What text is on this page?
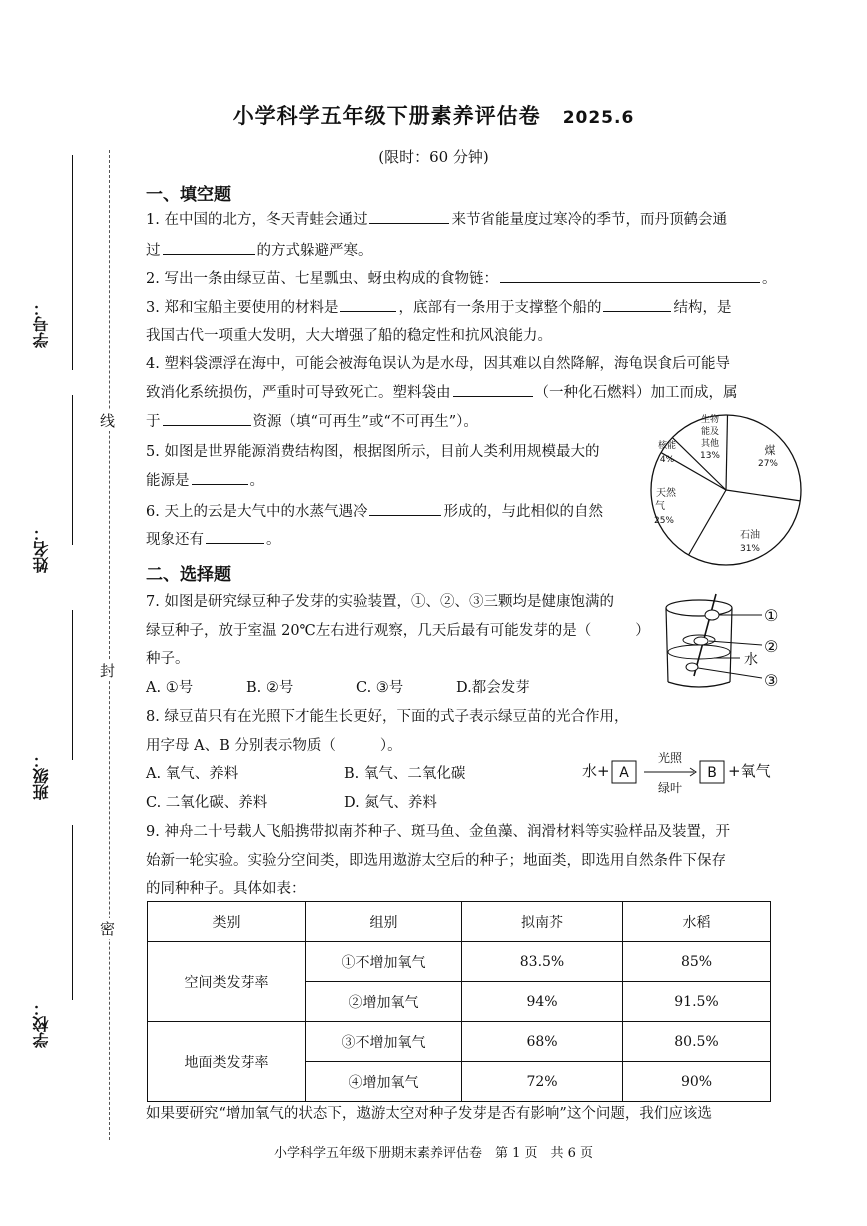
学号：
姓名：
班级：
学校：
线
封
密
小学科学五年级下册素养评估卷 2025.6
(限时：60 分钟)
一、填空题
1. 在中国的北方，冬天青蛙会通过	来节省能量度过寒冷的季节，而丹顶鹤会通
过	的方式躲避严寒。
2. 写出一条由绿豆苗、七星瓢虫、蚜虫构成的食物链：	。
3. 郑和宝船主要使用的材料是	，底部有一条用于支撑整个船的	结构，是
我国古代一项重大发明，大大增强了船的稳定性和抗风浪能力。
4. 塑料袋漂浮在海中，可能会被海龟误认为是水母，因其难以自然降解，海龟误食后可能导
致消化系统损伤，严重时可导致死亡。塑料袋由	（一种化石燃料）加工而成，属
于	资源（填“可再生”或“不可再生”）。
5. 如图是世界能源消费结构图，根据图所示，目前人类利用规模最大的
能源是	。
6. 天上的云是大气中的水蒸气遇冷	形成的，与此相似的自然
现象还有	。
生物
能及
其他
13%	煤
27%
石油
31%
天然
气
25%
核能
4%
二、选择题
7. 如图是研究绿豆种子发芽的实验装置，①、②、③三颗均是健康饱满的
绿豆种子，放于室温 20℃左右进行观察，几天后最有可能发芽的是（	）
种子。
A. ①号	B. ②号	C. ③号	D.都会发芽
①
②
水
③
8. 绿豆苗只有在光照下才能生长更好，下面的式子表示绿豆苗的光合作用，
用字母 A、B 分别表示物质（	）。
A. 氧气、养料	B. 氧气、二氧化碳
C. 二氧化碳、养料	D. 氮气、养料
水+ A
光照
绿叶
B +氧气
9. 神舟二十号载人飞船携带拟南芥种子、斑马鱼、金鱼藻、润滑材料等实验样品及装置，开
始新一轮实验。实验分空间类，即选用遨游太空后的种子；地面类，即选用自然条件下保存
的同种种子。具体如表：
类别	组别	拟南芥	水稻
空间类发芽率	①不增加氧气	83.5%	85%
	②增加氧气	94%	91.5%
地面类发芽率	③不增加氧气	68%	80.5%
	④增加氧气	72%	90%
如果要研究“增加氧气的状态下，遨游太空对种子发芽是否有影响”这个问题，我们应该选
小学科学五年级下册期末素养评估卷　第 1 页　共 6 页
